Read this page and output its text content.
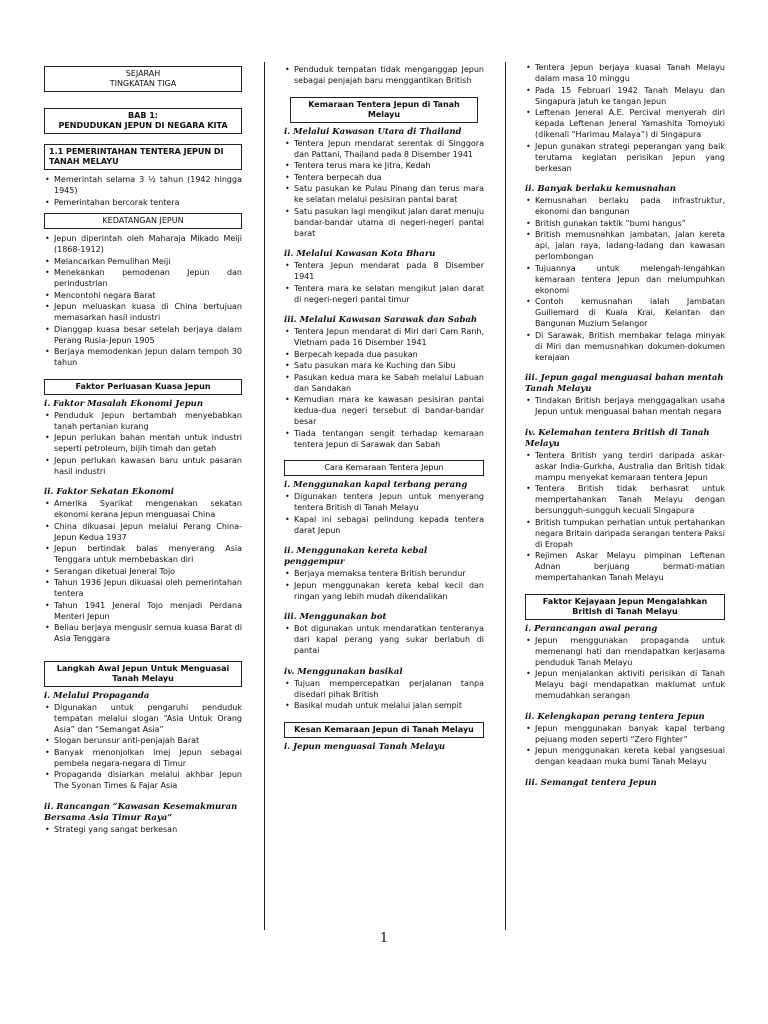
SEJARAH
TINGKATAN TIGA
BAB 1:
PENDUDUKAN JEPUN DI NEGARA KITA
1.1 PEMERINTAHAN TENTERA JEPUN DI TANAH MELAYU
• Memerintah selama 3 ½ tahun (1942 hingga 1945)
• Pemerintahan bercorak tentera
KEDATANGAN JEPUN
• Jepun diperintah oleh Maharaja Mikado Meiji (1868-1912)
• Melancarkan Pemulihan Meiji
• Menekankan pemodenan Jepun dan perindustrian
• Mencontohi negara Barat
• Jepun meluaskan kuasa di China bertujuan memasarkan hasil industri
• Dianggap kuasa besar setelah berjaya dalam Perang Rusia-Jepun 1905
• Berjaya memodenkan Jepun dalam tempoh 30 tahun
Faktor Perluasan Kuasa Jepun

i. Faktor Masalah Ekonomi Jepun

• Penduduk Jepun bertambah menyebabkan tanah pertanian kurang
• Jepun perlukan bahan mentah untuk industri seperti petroleum, bijih timah dan getah
• Jepun perlukan kawasan baru untuk pasaran hasil industri

ii. Faktor Sekatan Ekonomi

• Amerika Syarikat mengenakan sekatan ekonomi kerana Jepun menguasai China
• China dikuasai Jepun melalui Perang China-Jepun Kedua 1937
• Jepun bertindak balas menyerang Asia Tenggara untuk membebaskan diri
• Serangan diketuai Jeneral Tojo
• Tahun 1936 Jepun dikuasai oleh pemerintahan tentera
• Tahun 1941 Jeneral Tojo menjadi Perdana Menteri Jepun
• Beliau berjaya mengusir semua kuasa Barat di Asia Tenggara
Langkah Awal Jepun Untuk Menguasai Tanah Melayu

i. Melalui Propaganda

• Digunakan untuk pengaruhi penduduk tempatan melalui slogan “Asia Untuk Orang Asia” dan “Semangat Asia”
• Slogan berunsur anti-penjajah Barat
• Banyak menonjolkan imej Jepun sebagai pembela negara-negara di Timur
• Propaganda disiarkan melalui akhbar Jepun The Syonan Times & Fajar Asia

ii. Rancangan “Kawasan Kesemakmuran Bersama Asia Timur Raya”

• Strategi yang sangat berkesan
• Penduduk tempatan tidak menganggap Jepun sebagai penjajah baru menggantikan British
Kemaraan Tentera Jepun di Tanah Melayu

i. Melalui Kawasan Utara di Thailand

• Tentera Jepun mendarat serentak di Singgora dan Pattani, Thailand pada 8 Disember 1941
• Tentera terus mara ke Jitra, Kedah
• Tentera berpecah dua
• Satu pasukan ke Pulau Pinang dan terus mara ke selatan melalui pesisiran pantai barat
• Satu pasukan lagi mengikut jalan darat menuju bandar-bandar utama di negeri-negeri pantai barat

ii. Melalui Kawasan Kota Bharu

• Tentera Jepun mendarat pada 8 Disember 1941
• Tentera mara ke selatan mengikut jalan darat di negeri-negeri pantai timur

iii. Melalui Kawasan Sarawak dan Sabah

• Tentera Jepun mendarat di Miri dari Cam Ranh, Vietnam pada 16 Disember 1941
• Berpecah kepada dua pasukan
• Satu pasukan mara ke Kuching dan Sibu
• Pasukan kedua mara ke Sabah melalui Labuan dan Sandakan
• Kemudian mara ke kawasan pesisiran pantai kedua-dua negeri tersebut di bandar-bandar besar
• Tiada tentangan sengit terhadap kemaraan tentera Jepun di Sarawak dan Sabah
Cara Kemaraan Tentera Jepun

i. Menggunakan kapal terbang perang

• Digunakan tentera Jepun untuk menyerang tentera British di Tanah Melayu
• Kapal ini sebagai pelindung kepada tentera darat Jepun

ii. Menggunakan kereta kebal penggempur

• Berjaya memaksa tentera British berundur
• Jepun menggunakan kereta kebal kecil dan ringan yang lebih mudah dikendalikan

iii. Menggunakan bot

• Bot digunakan untuk mendaratkan tenteranya dari kapal perang yang sukar berlabuh di pantai

iv. Menggunakan basikal

• Tujuan mempercepatkan perjalanan tanpa disedari pihak British
• Basikal mudah untuk melalui jalan sempit
Kesan Kemaraan Jepun di Tanah Melayu

i. Jepun menguasai Tanah Melayu

• Tentera Jepun berjaya kuasai Tanah Melayu dalam masa 10 minggu
• Pada 15 Februari 1942 Tanah Melayu dan Singapura jatuh ke tangan Jepun
• Leftenan Jeneral A.E. Percival menyerah diri kepada Leftenan Jeneral Yamashita Tomoyuki (dikenali “Harimau Malaya”) di Singapura
• Jepun gunakan strategi peperangan yang baik terutama kegiatan perisikan Jepun yang berkesan

ii. Banyak berlaku kemusnahan

• Kemusnahan berlaku pada infrastruktur, ekonomi dan bangunan
• British gunakan taktik “bumi hangus”
• British memusnahkan jambatan, jalan kereta api, jalan raya, ladang-ladang dan kawasan perlombongan
• Tujuannya untuk melengah-lengahkan kemaraan tentera Jepun dan melumpuhkan ekonomi
• Contoh kemusnahan ialah Jambatan Guillemard di Kuala Krai, Kelantan dan Bangunan Muzium Selangor
• Di Sarawak, British membakar telaga minyak di Miri dan memusnahkan dokumen-dokumen kerajaan

iii. Jepun gagal menguasai bahan mentah Tanah Melayu

• Tindakan British berjaya menggagalkan usaha Jepun untuk menguasai bahan mentah negara

iv. Kelemahan tentera British di Tanah Melayu

• Tentera British yang terdiri daripada askar-askar India-Gurkha, Australia dan British tidak mampu menyekat kemaraan tentera Jepun
• Tentera British tidak berhasrat untuk mempertahankan Tanah Melayu dengan bersungguh-sungguh kecuali Singapura
• British tumpukan perhatian untuk pertahankan negara Britain daripada serangan tentera Paksi di Eropah
• Rejimen Askar Melayu pimpinan Leftenan Adnan berjuang bermati-matian mempertahankan Tanah Melayu
Faktor Kejayaan Jepun Mengalahkan British di Tanah Melayu

i. Perancangan awal perang

• Jepun menggunakan propaganda untuk memenangi hati dan mendapatkan kerjasama penduduk Tanah Melayu
• Jepun menjalankan aktiviti perisikan di Tanah Melayu bagi mendapatkan maklumat untuk memudahkan serangan

ii. Kelengkapan perang tentera Jepun

• Jepun menggunakan banyak kapal terbang pejuang moden seperti “Zero Fighter”
• Jepun menggunakan kereta kebal yangsesuai dengan keadaan muka bumi Tanah Melayu

iii. Semangat tentera Jepun

1
